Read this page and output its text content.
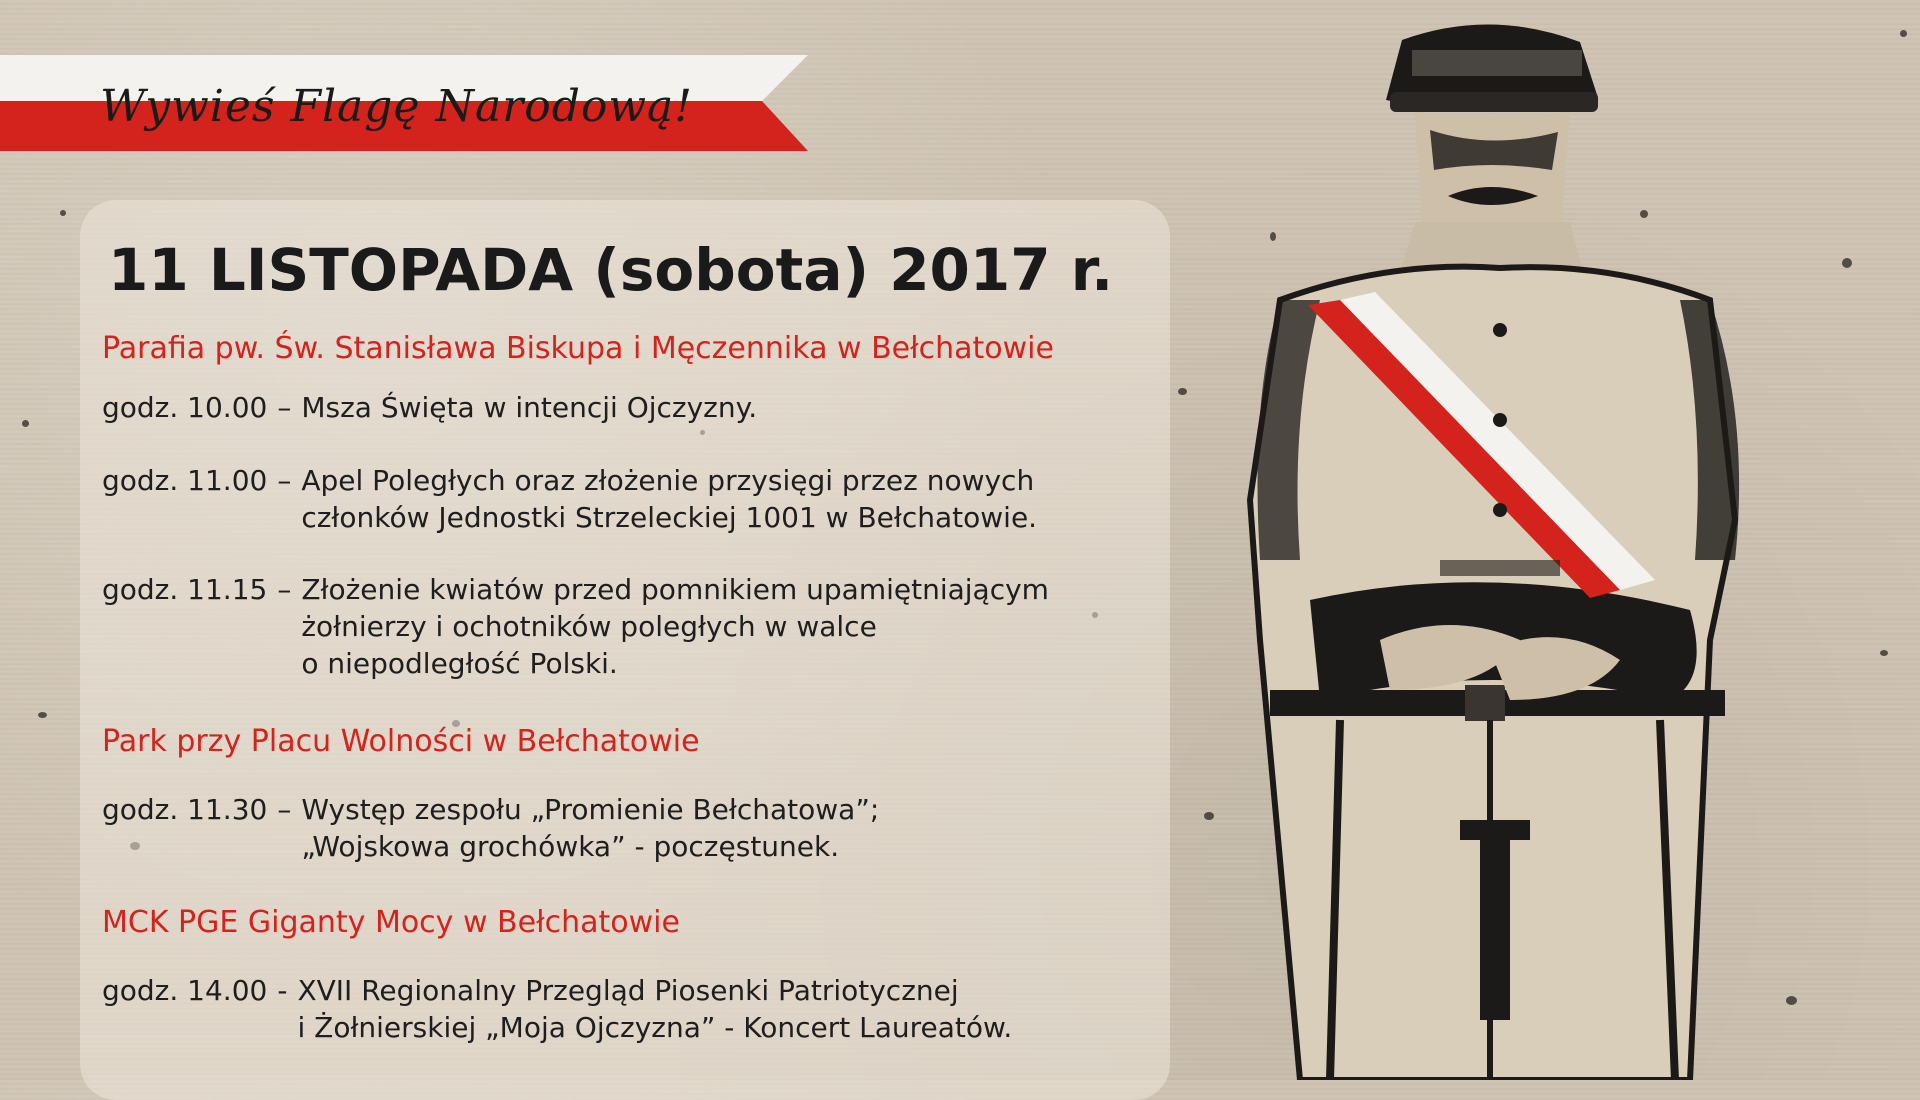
Wywieś Flagę Narodową!
11 LISTOPADA (sobota) 2017 r.
Parafia pw. Św. Stanisława Biskupa i Męczennika w Bełchatowie
godz. 10.00 – Msza Święta w intencji Ojczyzny.
godz. 11.00 – Apel Poległych oraz złożenie przysięgi przez nowych
członków Jednostki Strzeleckiej 1001 w Bełchatowie.
godz. 11.15 – Złożenie kwiatów przed pomnikiem upamiętniającym
żołnierzy i ochotników poległych w walce
o niepodległość Polski.
Park przy Placu Wolności w Bełchatowie
godz. 11.30 – Występ zespołu „Promienie Bełchatowa”;
„Wojskowa grochówka” - poczęstunek.
MCK PGE Giganty Mocy w Bełchatowie
godz. 14.00 - XVII Regionalny Przegląd Piosenki Patriotycznej
i Żołnierskiej „Moja Ojczyzna” - Koncert Laureatów.
